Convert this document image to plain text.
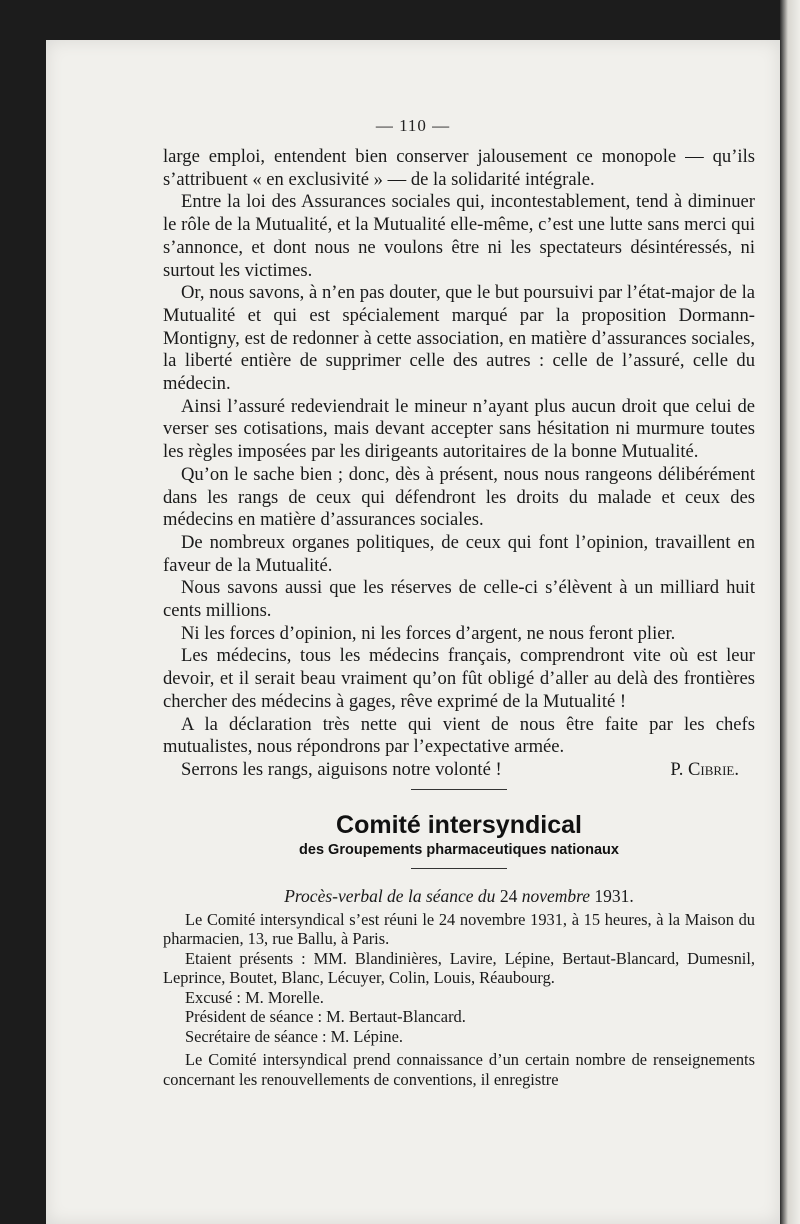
— 110 —

large emploi, entendent bien conserver jalousement ce monopole — qu’ils s’attribuent « en exclusivité » — de la solidarité intégrale.

Entre la loi des Assurances sociales qui, incontestablement, tend à diminuer le rôle de la Mutualité, et la Mutualité elle-même, c’est une lutte sans merci qui s’annonce, et dont nous ne voulons être ni les spectateurs désintéressés, ni surtout les victimes.

Or, nous savons, à n’en pas douter, que le but poursuivi par l’état-major de la Mutualité et qui est spécialement marqué par la proposition Dormann-Montigny, est de redonner à cette association, en matière d’assurances sociales, la liberté entière de supprimer celle des autres : celle de l’assuré, celle du médecin.

Ainsi l’assuré redeviendrait le mineur n’ayant plus aucun droit que celui de verser ses cotisations, mais devant accepter sans hésitation ni murmure toutes les règles imposées par les dirigeants autoritaires de la bonne Mutualité.

Qu’on le sache bien ; donc, dès à présent, nous nous rangeons délibérément dans les rangs de ceux qui défendront les droits du malade et ceux des médecins en matière d’assurances sociales.

De nombreux organes politiques, de ceux qui font l’opinion, travaillent en faveur de la Mutualité.

Nous savons aussi que les réserves de celle-ci s’élèvent à un milliard huit cents millions.

Ni les forces d’opinion, ni les forces d’argent, ne nous feront plier.

Les médecins, tous les médecins français, comprendront vite où est leur devoir, et il serait beau vraiment qu’on fût obligé d’aller au delà des frontières chercher des médecins à gages, rêve exprimé de la Mutualité !

A la déclaration très nette qui vient de nous être faite par les chefs mutualistes, nous répondrons par l’expectative armée.

Serrons les rangs, aiguisons notre volonté !	P. Cibrie.
Comité intersyndical
des Groupements pharmaceutiques nationaux
Procès-verbal de la séance du 24 novembre 1931.

Le Comité intersyndical s’est réuni le 24 novembre 1931, à 15 heures, à la Maison du pharmacien, 13, rue Ballu, à Paris.

Etaient présents : MM. Blandinières, Lavire, Lépine, Bertaut-Blancard, Dumesnil, Leprince, Boutet, Blanc, Lécuyer, Colin, Louis, Réaubourg.

Excusé : M. Morelle.

Président de séance : M. Bertaut-Blancard.

Secrétaire de séance : M. Lépine.

Le Comité intersyndical prend connaissance d’un certain nombre de renseignements concernant les renouvellements de conventions, il enregistre
